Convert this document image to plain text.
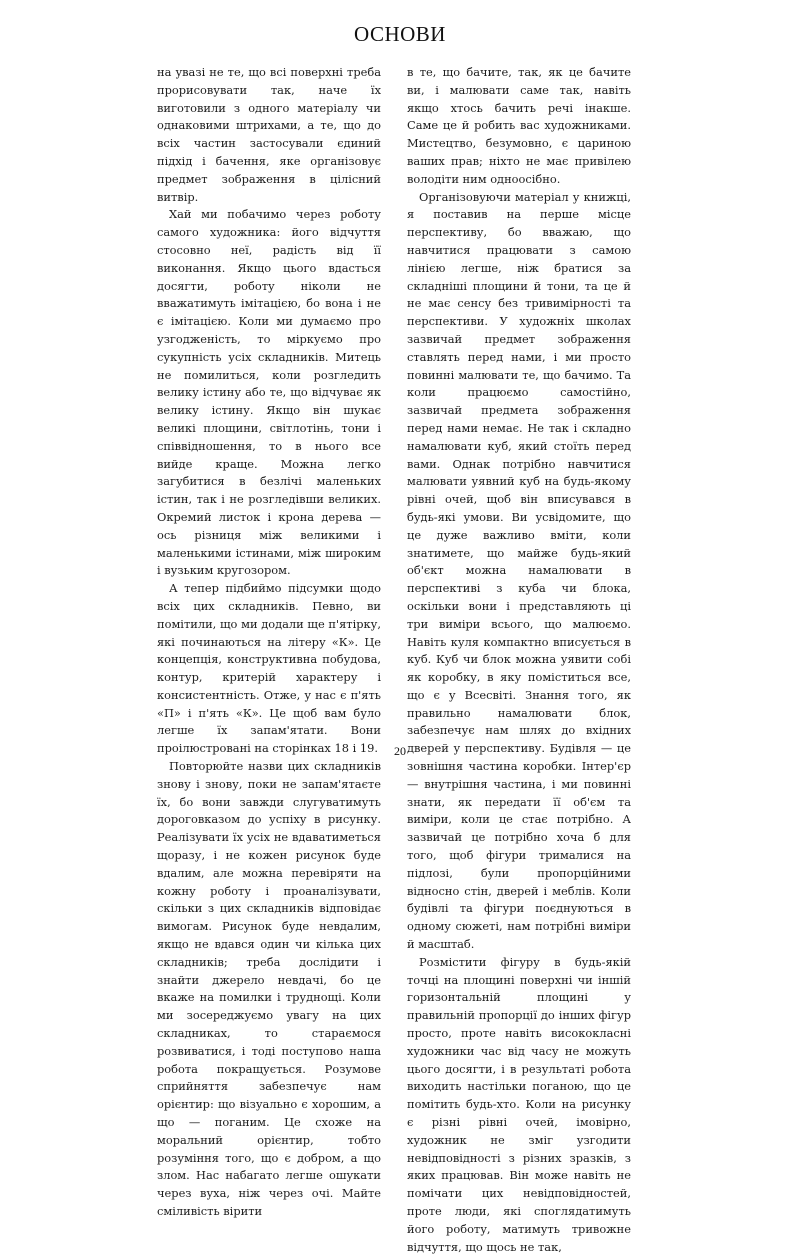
ОСНОВИ

на увазі не те, що всі поверхні треба прорисовувати так, наче їх виготовили з одного матеріалу чи однаковими штрихами, а те, що до всіх частин застосували єдиний підхід і бачення, яке організовує предмет зображення в цілісний витвір.

Хай ми побачимо через роботу самого художника: його відчуття стосовно неї, радість від її виконання. Якщо цього вдасться досягти, роботу ніколи не вважатимуть імітацією, бо вона і не є імітацією. Коли ми думаємо про узгодженість, то міркуємо про сукупність усіх складників. Митець не помилиться, коли розгледить велику істину або те, що відчуває як велику істину. Якщо він шукає великі площини, світлотінь, тони і співвідношення, то в нього все вийде краще. Можна легко загубитися в безлічі маленьких істин, так і не розгледівши великих. Окремий листок і крона дерева — ось різниця між великими і маленькими істинами, між широким і вузьким кругозором.

А тепер підбиймо підсумки щодо всіх цих складників. Певно, ви помітили, що ми додали ще п'ятірку, які починаються на літеру «К». Це концепція, конструктивна побудова, контур, критерій характеру і консистентність. Отже, у нас є п'ять «П» і п'ять «К». Це щоб вам було легше їх запам'ятати. Вони проілюстровані на сторінках 18 і 19.

Повторюйте назви цих складників знову і знову, поки не запам'ятаєте їх, бо вони завжди слугуватимуть дороговказом до успіху в рисунку. Реалізувати їх усіх не вдаватиметься щоразу, і не кожен рисунок буде вдалим, але можна перевіряти на кожну роботу і проаналізувати, скільки з цих складників відповідає вимогам. Рисунок буде невдалим, якщо не вдався один чи кілька цих складників; треба дослідити і знайти джерело невдачі, бо це вкаже на помилки і труднощі. Коли ми зосереджуємо увагу на цих складниках, то стараємося розвиватися, і тоді поступово наша робота покращується. Розумове сприйняття забезпечує нам орієнтир: що візуально є хорошим, а що — поганим. Це схоже на моральний орієнтир, тобто розуміння того, що є добром, а що злом. Нас набагато легше ошукати через вуха, ніж через очі. Майте сміливість вірити

в те, що бачите, так, як це бачите ви, і малювати саме так, навіть якщо хтось бачить речі інакше. Саме це й робить вас художниками. Мистецтво, безумовно, є цариною ваших прав; ніхто не має привілею володіти ним одноосібно.

Організовуючи матеріал у книжці, я поставив на перше місце перспективу, бо вважаю, що навчитися працювати з самою лінією легше, ніж братися за складніші площини й тони, та це й не має сенсу без тривимірності та перспективи. У художніх школах зазвичай предмет зображення ставлять перед нами, і ми просто повинні малювати те, що бачимо. Та коли працюємо самостійно, зазвичай предмета зображення перед нами немає. Не так і складно намалювати куб, який стоїть перед вами. Однак потрібно навчитися малювати уявний куб на будь-якому рівні очей, щоб він вписувався в будь-які умови. Ви усвідомите, що це дуже важливо вміти, коли знатимете, що майже будь-який об'єкт можна намалювати в перспективі з куба чи блока, оскільки вони і представляють ці три виміри всього, що малюємо. Навіть куля компактно вписується в куб. Куб чи блок можна уявити собі як коробку, в яку поміститься все, що є у Всесвіті. Знання того, як правильно намалювати блок, забезпечує нам шлях до вхідних дверей у перспективу. Будівля — це зовнішня частина коробки. Інтер'єр — внутрішня частина, і ми повинні знати, як передати її об'єм та виміри, коли це стає потрібно. А зазвичай це потрібно хоча б для того, щоб фігури трималися на підлозі, були пропорційними відносно стін, дверей і меблів. Коли будівлі та фігури поєднуються в одному сюжеті, нам потрібні виміри й масштаб.

Розмістити фігуру в будь-якій точці на площині поверхні чи іншій горизонтальній площині у правильній пропорції до інших фігур просто, проте навіть висококласні художники час від часу не можуть цього досягти, і в результаті робота виходить настільки поганою, що це помітить будь-хто. Коли на рисунку є різні рівні очей, імовірно, художник не зміг узгодити невідповідності з різних зразків, з яких працював. Він може навіть не помічати цих невідповідностей, проте люди, які споглядатимуть його роботу, матимуть тривожне відчуття, що щось не так,

20
